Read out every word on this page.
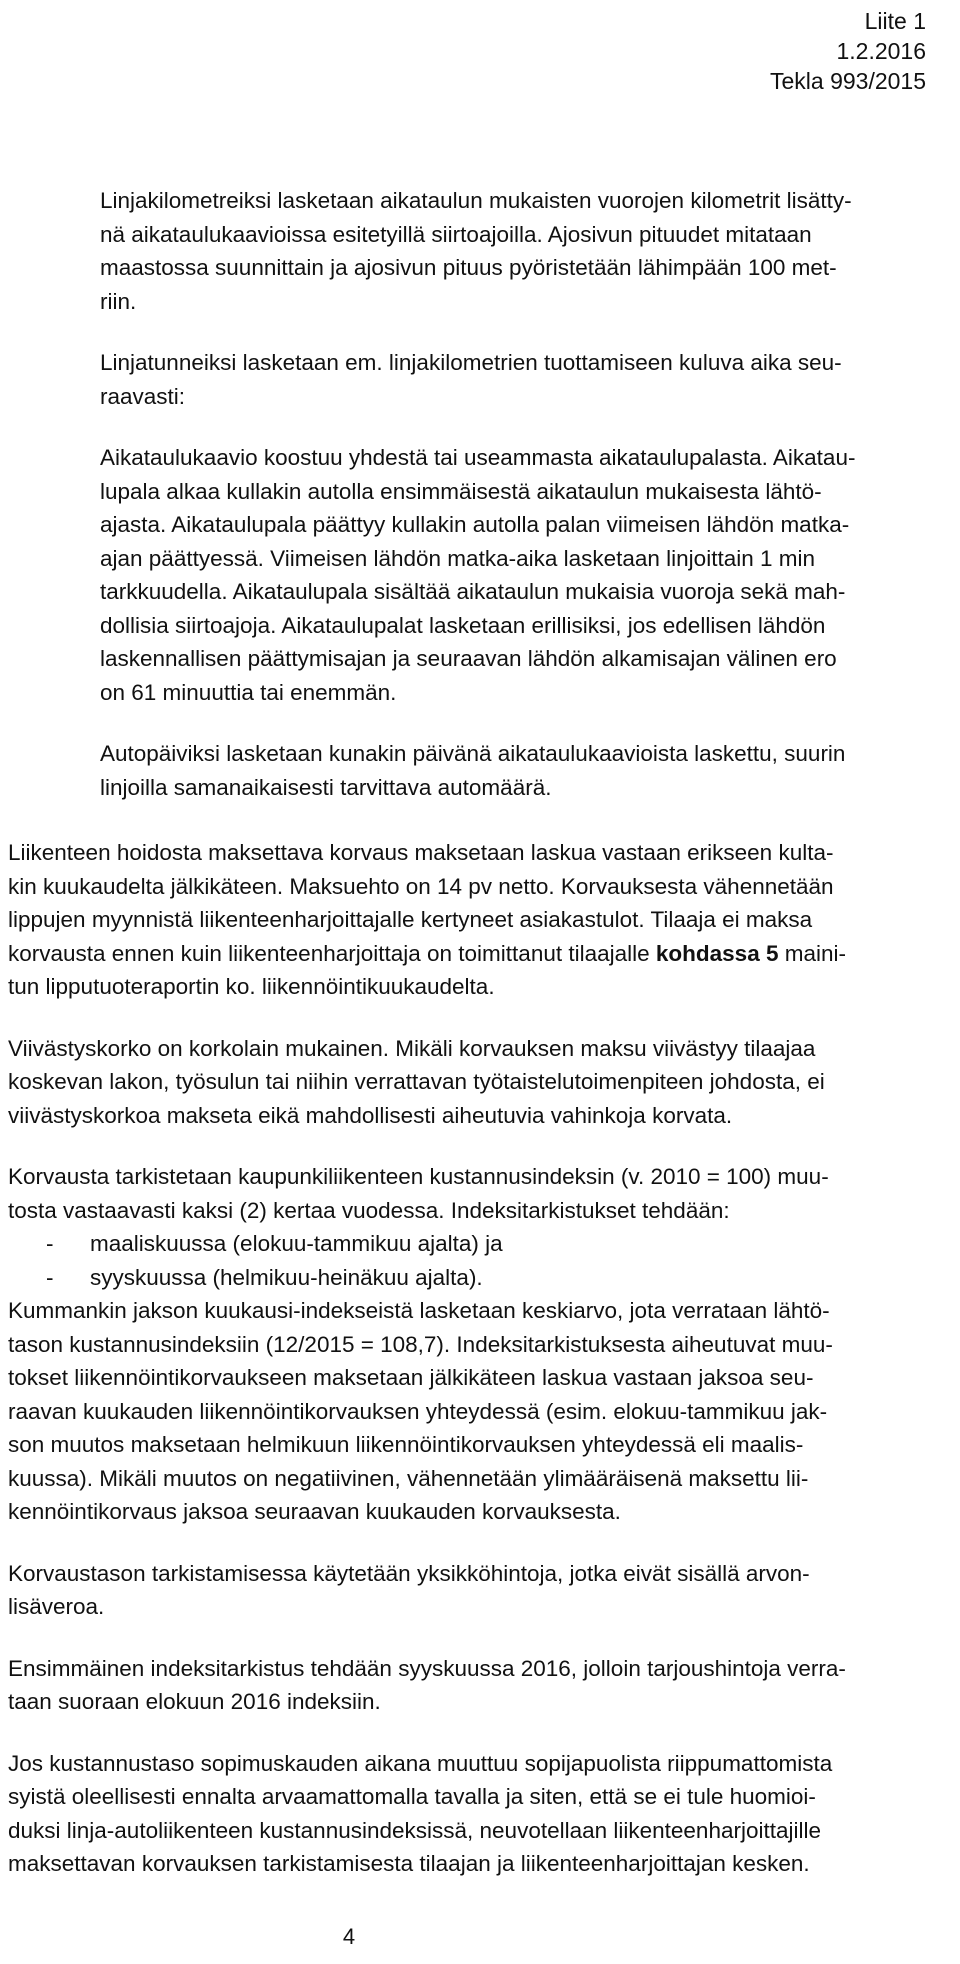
Liite 1
1.2.2016
Tekla 993/2015
Linjakilometreiksi lasketaan aikataulun mukaisten vuorojen kilometrit lisätty-
nä aikataulukaavioissa esitetyillä siirtoajoilla. Ajosivun pituudet mitataan
maastossa suunnittain ja ajosivun pituus pyöristetään lähimpään 100 met-
riin.
Linjatunneiksi lasketaan em. linjakilometrien tuottamiseen kuluva aika seu-
raavasti:
Aikataulukaavio koostuu yhdestä tai useammasta aikataulupalasta. Aikatau-
lupala alkaa kullakin autolla ensimmäisestä aikataulun mukaisesta lähtö-
ajasta. Aikataulupala päättyy kullakin autolla palan viimeisen lähdön matka-
ajan päättyessä. Viimeisen lähdön matka-aika lasketaan linjoittain 1 min
tarkkuudella. Aikataulupala sisältää aikataulun mukaisia vuoroja sekä mah-
dollisia siirtoajoja. Aikataulupalat lasketaan erillisiksi, jos edellisen lähdön
laskennallisen päättymisajan ja seuraavan lähdön alkamisajan välinen ero
on 61 minuuttia tai enemmän.
Autopäiviksi lasketaan kunakin päivänä aikataulukaavioista laskettu, suurin
linjoilla samanaikaisesti tarvittava automäärä.
Liikenteen hoidosta maksettava korvaus maksetaan laskua vastaan erikseen kulta-
kin kuukaudelta jälkikäteen. Maksuehto on 14 pv netto. Korvauksesta vähennetään
lippujen myynnistä liikenteenharjoittajalle kertyneet asiakastulot. Tilaaja ei maksa
korvausta ennen kuin liikenteenharjoittaja on toimittanut tilaajalle kohdassa 5 maini-
tun lipputuoteraportin ko. liikennöintikuukaudelta.
Viivästyskorko on korkolain mukainen. Mikäli korvauksen maksu viivästyy tilaajaa
koskevan lakon, työsulun tai niihin verrattavan työtaistelutoimenpiteen johdosta, ei
viivästyskorkoa makseta eikä mahdollisesti aiheutuvia vahinkoja korvata.
Korvausta tarkistetaan kaupunkiliikenteen kustannusindeksin (v. 2010 = 100) muu-
tosta vastaavasti kaksi (2) kertaa vuodessa. Indeksitarkistukset tehdään:
-	maaliskuussa (elokuu-tammikuu ajalta) ja
-	syyskuussa (helmikuu-heinäkuu ajalta).
Kummankin jakson kuukausi-indekseistä lasketaan keskiarvo, jota verrataan lähtö-
tason kustannusindeksiin (12/2015 = 108,7). Indeksitarkistuksesta aiheutuvat muu-
tokset liikennöintikorvaukseen maksetaan jälkikäteen laskua vastaan jaksoa seu-
raavan kuukauden liikennöintikorvauksen yhteydessä (esim. elokuu-tammikuu jak-
son muutos maksetaan helmikuun liikennöintikorvauksen yhteydessä eli maalis-
kuussa). Mikäli muutos on negatiivinen, vähennetään ylimääräisenä maksettu lii-
kennöintikorvaus jaksoa seuraavan kuukauden korvauksesta.
Korvaustason tarkistamisessa käytetään yksikköhintoja, jotka eivät sisällä arvon-
lisäveroa.
Ensimmäinen indeksitarkistus tehdään syyskuussa 2016, jolloin tarjoushintoja verra-
taan suoraan elokuun 2016 indeksiin.
Jos kustannustaso sopimuskauden aikana muuttuu sopijapuolista riippumattomista
syistä oleellisesti ennalta arvaamattomalla tavalla ja siten, että se ei tule huomioi-
duksi linja-autoliikenteen kustannusindeksissä, neuvotellaan liikenteenharjoittajille
maksettavan korvauksen tarkistamisesta tilaajan ja liikenteenharjoittajan kesken.
4
